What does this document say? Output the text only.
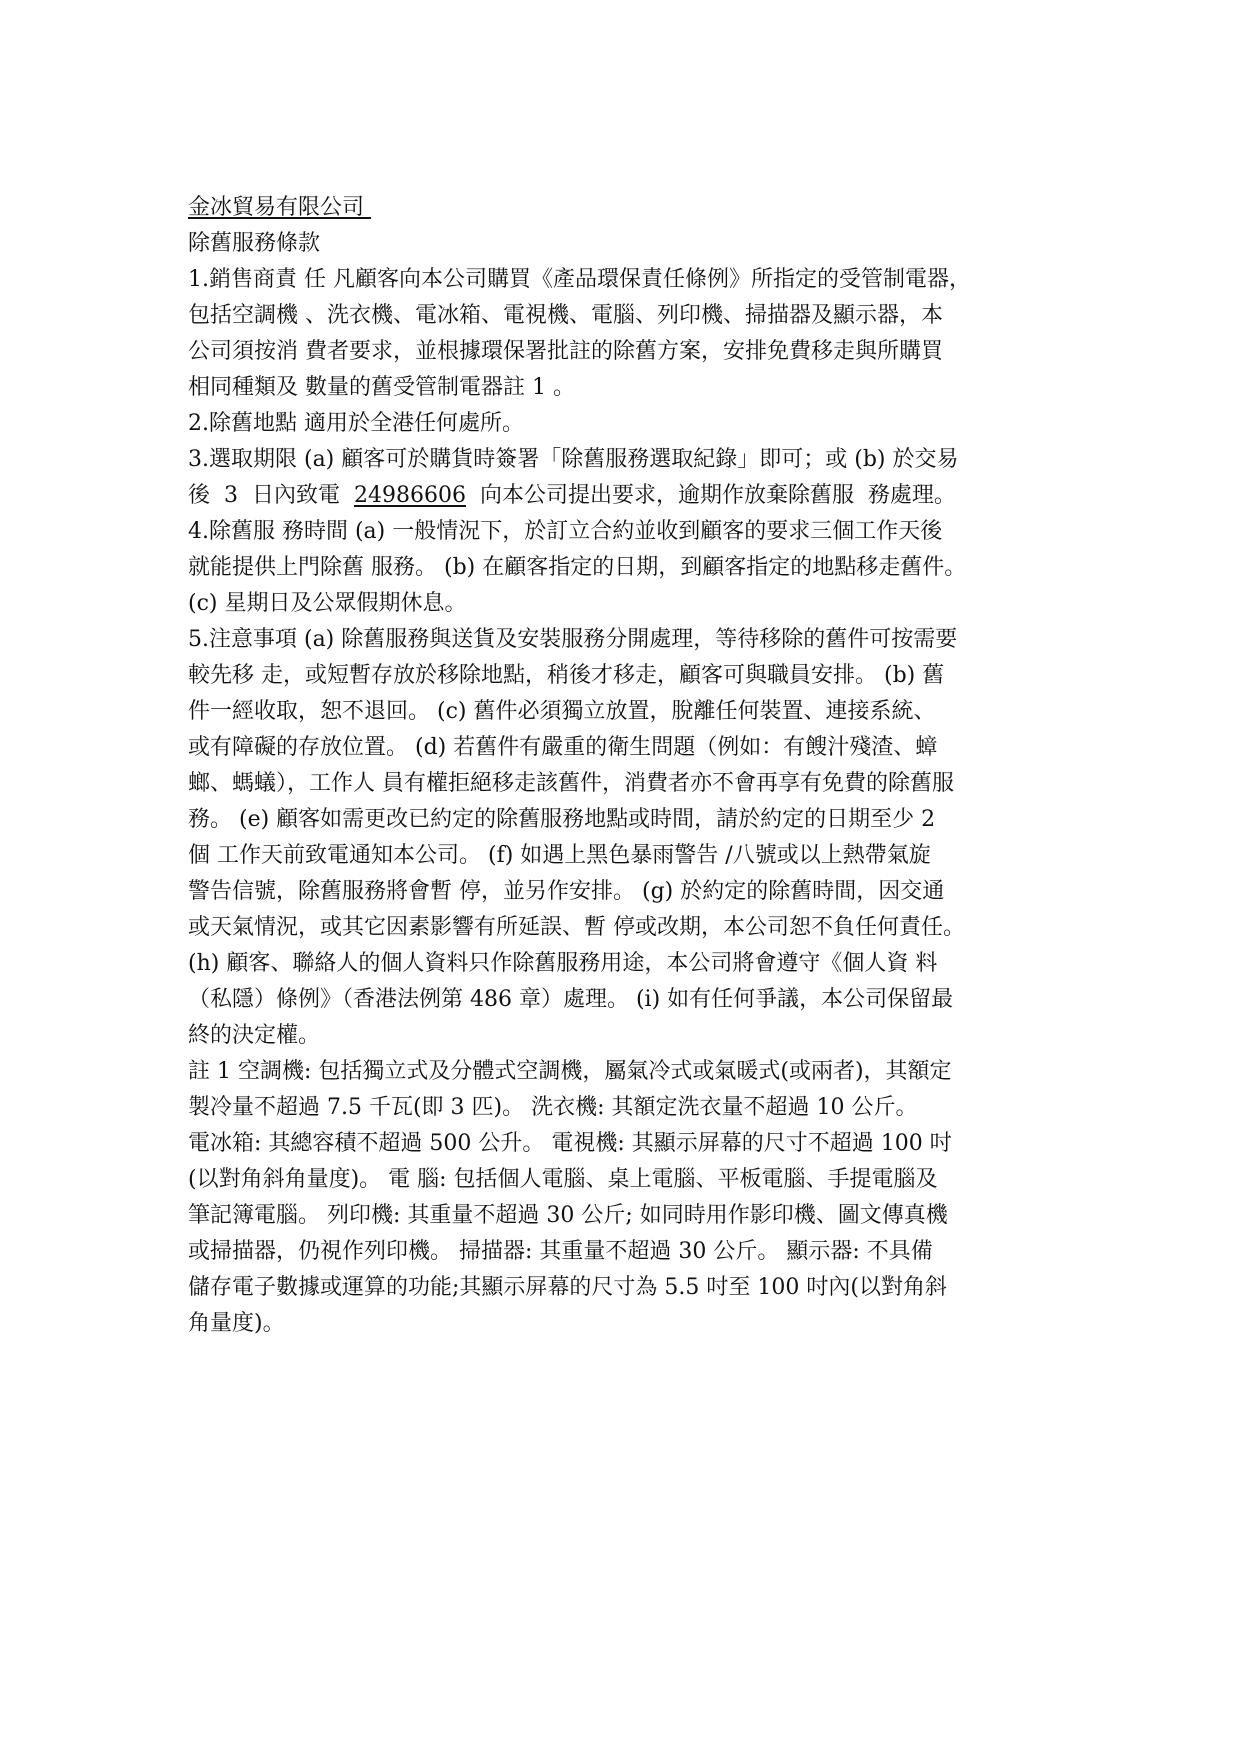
金冰貿易有限公司
除舊服務條款
1.銷售商責 任 凡顧客向本公司購買《產品環保責任條例》所指定的受管制電器，
包括空調機 、洗衣機、電冰箱、電視機、電腦、列印機、掃描器及顯示器，本
公司須按消 費者要求，並根據環保署批註的除舊方案，安排免費移走與所購買
相同種類及 數量的舊受管制電器註 1 。
2.除舊地點 適用於全港任何處所。
3.選取期限 (a) 顧客可於購貨時簽署「除舊服務選取紀錄」即可；或 (b) 於交易
後  3  日內致電  24986606  向本公司提出要求，逾期作放棄除舊服  務處理。
4.除舊服 務時間 (a) 一般情況下，於訂立合約並收到顧客的要求三個工作天後
就能提供上門除舊 服務。 (b) 在顧客指定的日期，到顧客指定的地點移走舊件。
(c) 星期日及公眾假期休息。
5.注意事項 (a) 除舊服務與送貨及安裝服務分開處理，等待移除的舊件可按需要
較先移 走，或短暫存放於移除地點，稍後才移走，顧客可與職員安排。 (b) 舊
件一經收取，恕不退回。 (c) 舊件必須獨立放置，脫離任何裝置、連接系統、
或有障礙的存放位置。 (d) 若舊件有嚴重的衛生問題（例如：有餿汁殘渣、蟑
螂、螞蟻），工作人 員有權拒絕移走該舊件，消費者亦不會再享有免費的除舊服
務。 (e) 顧客如需更改已約定的除舊服務地點或時間，請於約定的日期至少 2
個 工作天前致電通知本公司。 (f) 如遇上黑色暴雨警告 /八號或以上熱帶氣旋
警告信號，除舊服務將會暫 停，並另作安排。 (g) 於約定的除舊時間，因交通
或天氣情況，或其它因素影響有所延誤、暫 停或改期，本公司恕不負任何責任。
(h) 顧客、聯絡人的個人資料只作除舊服務用途，本公司將會遵守《個人資 料
（私隱）條例》（香港法例第 486 章）處理。 (i) 如有任何爭議，本公司保留最
終的決定權。
註 1 空調機: 包括獨立式及分體式空調機，屬氣冷式或氣暖式(或兩者)，其額定
製冷量不超過 7.5 千瓦(即 3 匹)。 洗衣機: 其額定洗衣量不超過 10 公斤。
電冰箱: 其總容積不超過 500 公升。 電視機: 其顯示屏幕的尺寸不超過 100 吋
(以對角斜角量度)。 電 腦: 包括個人電腦、桌上電腦、平板電腦、手提電腦及
筆記簿電腦。 列印機: 其重量不超過 30 公斤; 如同時用作影印機、圖文傳真機
或掃描器，仍視作列印機。 掃描器: 其重量不超過 30 公斤。 顯示器: 不具備
儲存電子數據或運算的功能;其顯示屏幕的尺寸為 5.5 吋至 100 吋內(以對角斜
角量度)。
